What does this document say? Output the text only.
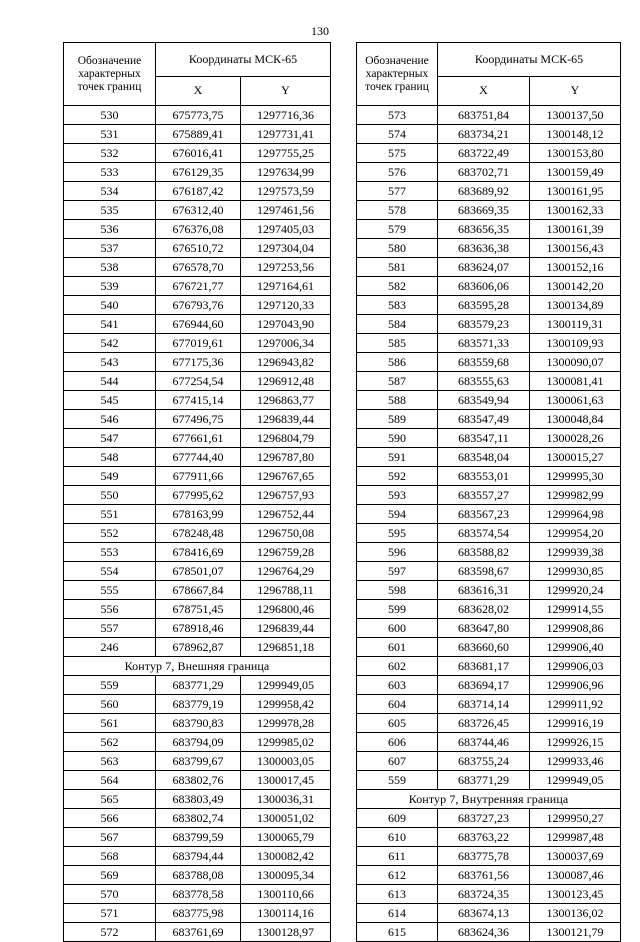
130
Обозначение характерных точек границ	Координаты МСК-65	
	X	Y
530	675773,75	1297716,36
531	675889,41	1297731,41
532	676016,41	1297755,25
533	676129,35	1297634,99
534	676187,42	1297573,59
535	676312,40	1297461,56
536	676376,08	1297405,03
537	676510,72	1297304,04
538	676578,70	1297253,56
539	676721,77	1297164,61
540	676793,76	1297120,33
541	676944,60	1297043,90
542	677019,61	1297006,34
543	677175,36	1296943,82
544	677254,54	1296912,48
545	677415,14	1296863,77
546	677496,75	1296839,44
547	677661,61	1296804,79
548	677744,40	1296787,80
549	677911,66	1296767,65
550	677995,62	1296757,93
551	678163,99	1296752,44
552	678248,48	1296750,08
553	678416,69	1296759,28
554	678501,07	1296764,29
555	678667,84	1296788,11
556	678751,45	1296800,46
557	678918,46	1296839,44
246	678962,87	1296851,18
Контур 7, Внешняя граница		
559	683771,29	1299949,05
560	683779,19	1299958,42
561	683790,83	1299978,28
562	683794,09	1299985,02
563	683799,67	1300003,05
564	683802,76	1300017,45
565	683803,49	1300036,31
566	683802,74	1300051,02
567	683799,59	1300065,79
568	683794,44	1300082,42
569	683788,08	1300095,34
570	683778,58	1300110,66
571	683775,98	1300114,16
572	683761,69	1300128,97
Обозначение характерных точек границ	Координаты МСК-65	
	X	Y
573	683751,84	1300137,50
574	683734,21	1300148,12
575	683722,49	1300153,80
576	683702,71	1300159,49
577	683689,92	1300161,95
578	683669,35	1300162,33
579	683656,35	1300161,39
580	683636,38	1300156,43
581	683624,07	1300152,16
582	683606,06	1300142,20
583	683595,28	1300134,89
584	683579,23	1300119,31
585	683571,33	1300109,93
586	683559,68	1300090,07
587	683555,63	1300081,41
588	683549,94	1300061,63
589	683547,49	1300048,84
590	683547,11	1300028,26
591	683548,04	1300015,27
592	683553,01	1299995,30
593	683557,27	1299982,99
594	683567,23	1299964,98
595	683574,54	1299954,20
596	683588,82	1299939,38
597	683598,67	1299930,85
598	683616,31	1299920,24
599	683628,02	1299914,55
600	683647,80	1299908,86
601	683660,60	1299906,40
602	683681,17	1299906,03
603	683694,17	1299906,96
604	683714,14	1299911,92
605	683726,45	1299916,19
606	683744,46	1299926,15
607	683755,24	1299933,46
559	683771,29	1299949,05
Контур 7, Внутренняя граница		
609	683727,23	1299950,27
610	683763,22	1299987,48
611	683775,78	1300037,69
612	683761,56	1300087,46
613	683724,35	1300123,45
614	683674,13	1300136,02
615	683624,36	1300121,79
